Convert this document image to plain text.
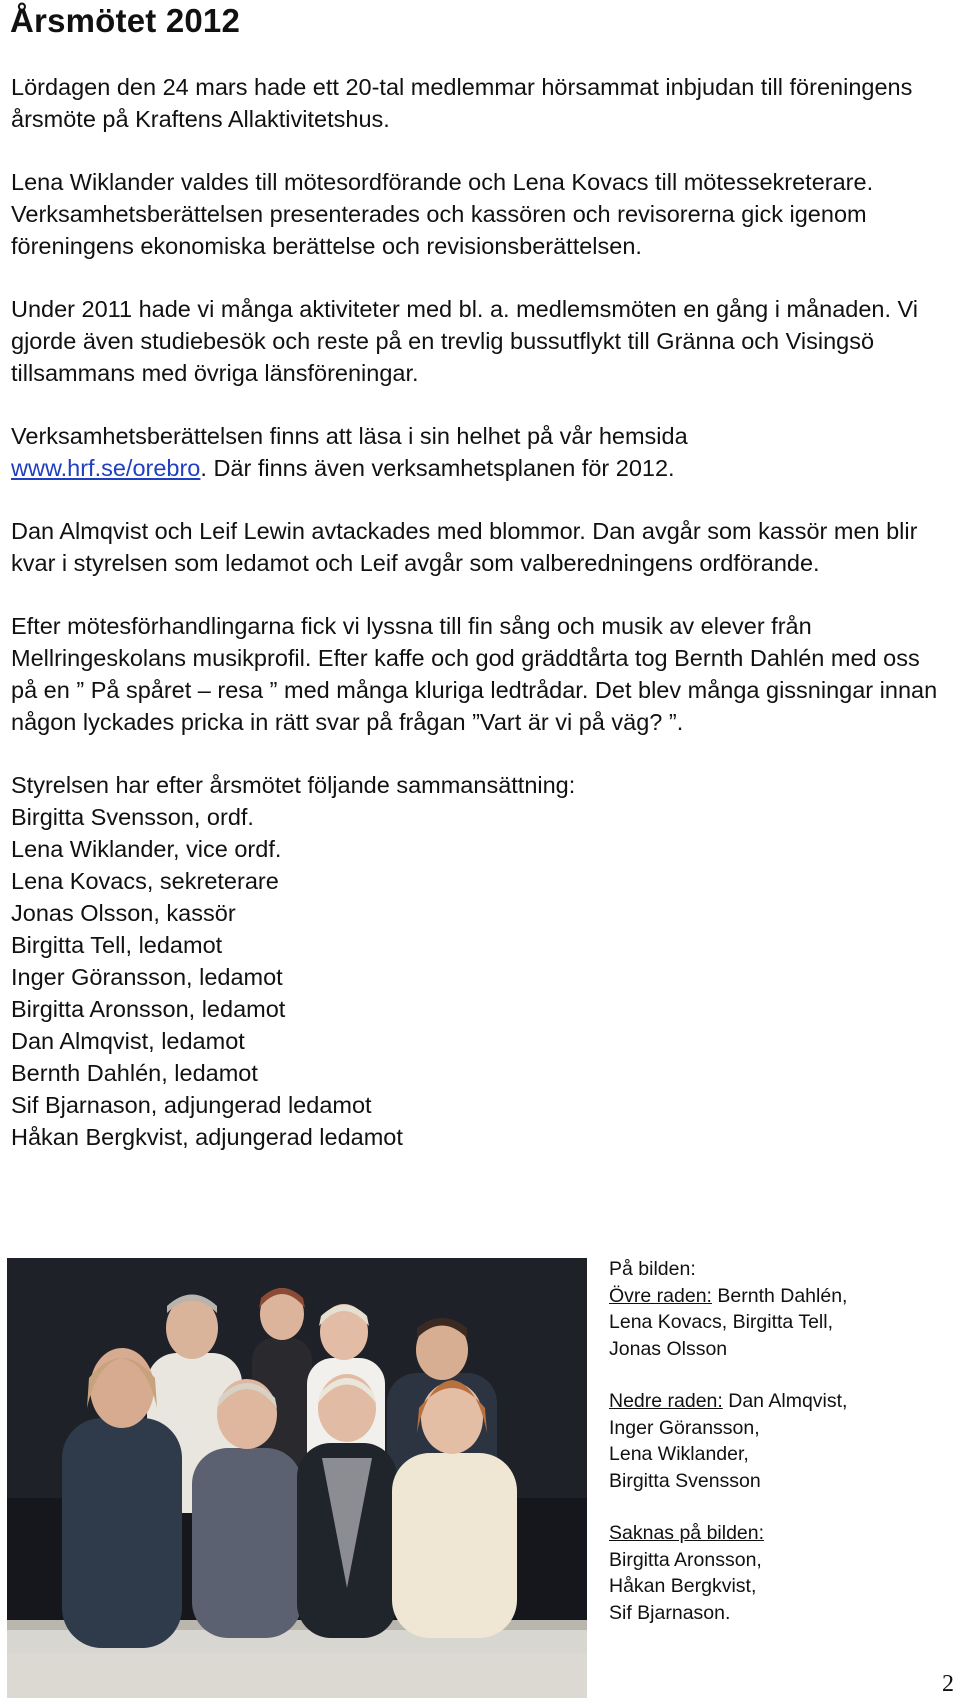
Årsmötet 2012

Lördagen den 24 mars hade ett 20-tal medlemmar hörsammat inbjudan till föreningens årsmöte på Kraftens Allaktivitetshus.

Lena Wiklander valdes till mötesordförande och Lena Kovacs till mötessekreterare.

Verksamhetsberättelsen presenterades och kassören och revisorerna gick igenom föreningens ekonomiska berättelse och revisionsberättelsen.

Under 2011 hade vi många aktiviteter med bl. a. medlemsmöten en gång i månaden. Vi gjorde även studiebesök och reste på en trevlig bussutflykt till Gränna och Visingsö tillsammans med övriga länsföreningar.

Verksamhetsberättelsen finns att läsa i sin helhet på vår hemsida
www.hrf.se/orebro. Där finns även verksamhetsplanen för 2012.

Dan Almqvist och Leif Lewin avtackades med blommor. Dan avgår som kassör men blir kvar i styrelsen som ledamot och Leif avgår som valberedningens ordförande.

Efter mötesförhandlingarna fick vi lyssna till fin sång och musik av elever från Mellringeskolans musikprofil. Efter kaffe och god gräddtårta tog Bernth Dahlén med oss på en ” På spåret – resa ” med många kluriga ledtrådar. Det blev många gissningar innan någon lyckades pricka in rätt svar på frågan ”Vart är vi på väg? ”.

Styrelsen har efter årsmötet följande sammansättning:
Birgitta Svensson, ordf.
Lena Wiklander, vice ordf.
Lena Kovacs, sekreterare
Jonas Olsson, kassör
Birgitta Tell, ledamot
Inger Göransson, ledamot
Birgitta Aronsson, ledamot
Dan Almqvist, ledamot
Bernth Dahlén, ledamot
Sif Bjarnason, adjungerad ledamot
Håkan Bergkvist, adjungerad ledamot

På bilden:
Övre raden: Bernth Dahlén,
Lena Kovacs, Birgitta Tell,
Jonas Olsson

Nedre raden: Dan Almqvist,
Inger Göransson,
Lena Wiklander,
Birgitta Svensson

Saknas på bilden:
Birgitta Aronsson,
Håkan Bergkvist,
Sif Bjarnason.

2
